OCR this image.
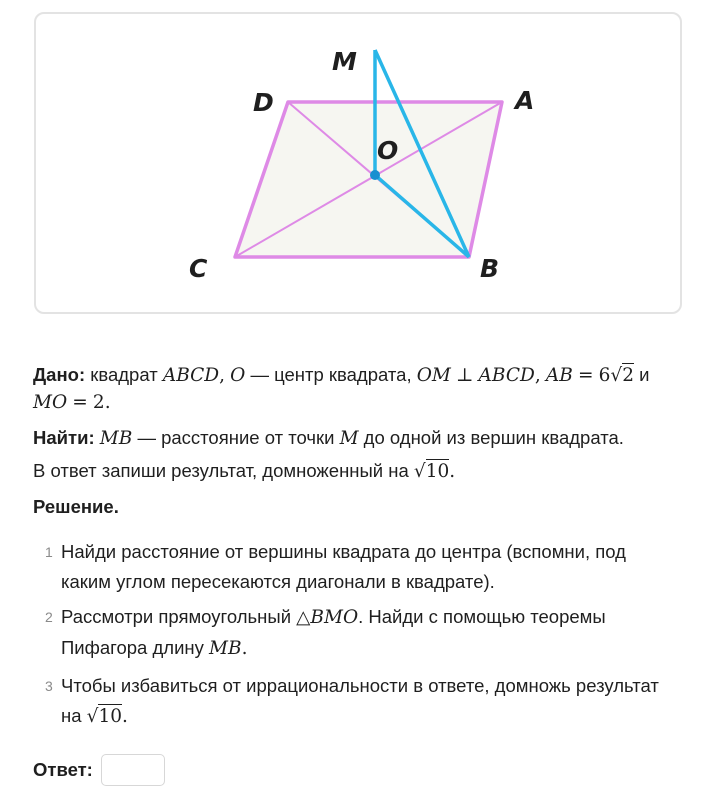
M
D	A
O
C	B
Дано: квадрат ABCD, O — центр квадрата, OM ⊥ ABCD, AB = 6√2 и
MO = 2.
Найти: MB — расстояние от точки M до одной из вершин квадрата.
В ответ запиши результат, домноженный на √10.
Решение.
1 Найди расстояние от вершины квадрата до центра (вспомни, под
каким углом пересекаются диагонали в квадрате).
2 Рассмотри прямоугольный △BMO. Найди с помощью теоремы
Пифагора длину MB.
3 Чтобы избавиться от иррациональности в ответе, домножь результат
на √10.
Ответ:
